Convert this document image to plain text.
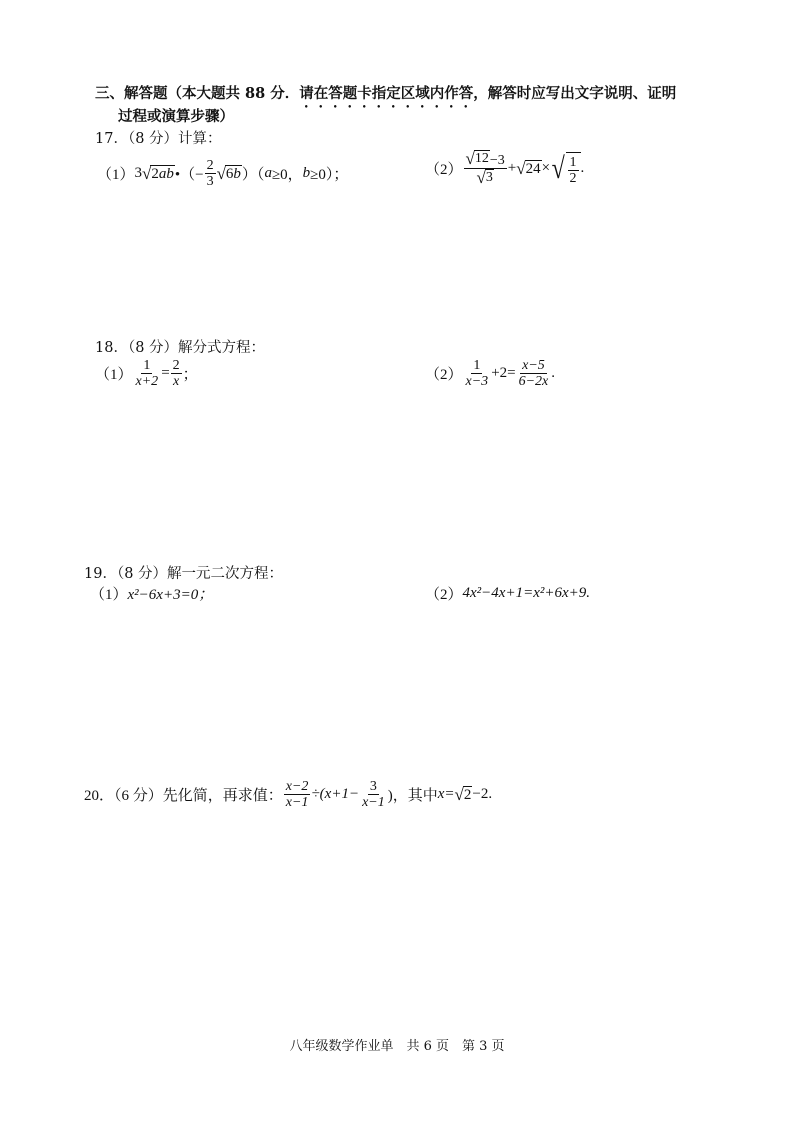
三、解答题（本大题共 88 分．请在答题卡指定区域内作答，解答时应写出文字说明、证明
过程或演算步骤）
17．（8 分）计算：
（1） 3 √ 2ab •（− $\frac{2}{3}$ √ 6b ）（ a ≥0， b ≥0）；	$(2) \frac{√ 12 -3}{√ 3}$ + √ 24 × √ $\frac{1}{2}$ .
18．（8 分）解分式方程：
$(1) \frac{1}{x+2} = \frac{2}{x}$ ；	$(2) \frac{1}{x-3} +2= \frac{x-5}{6-2x}$ .
19．（8 分）解一元二次方程：
（1） x²−6x+3=0；	（2） 4x²−4x+1=x²+6x+9.
20．（6 分）先化简，再求值： $\frac{x-2}{x-1} \div(x+1- \frac{3}{x-1}$ )，其中 x= √ 2 −2.
八年级数学作业单　共 6 页　第 3 页
